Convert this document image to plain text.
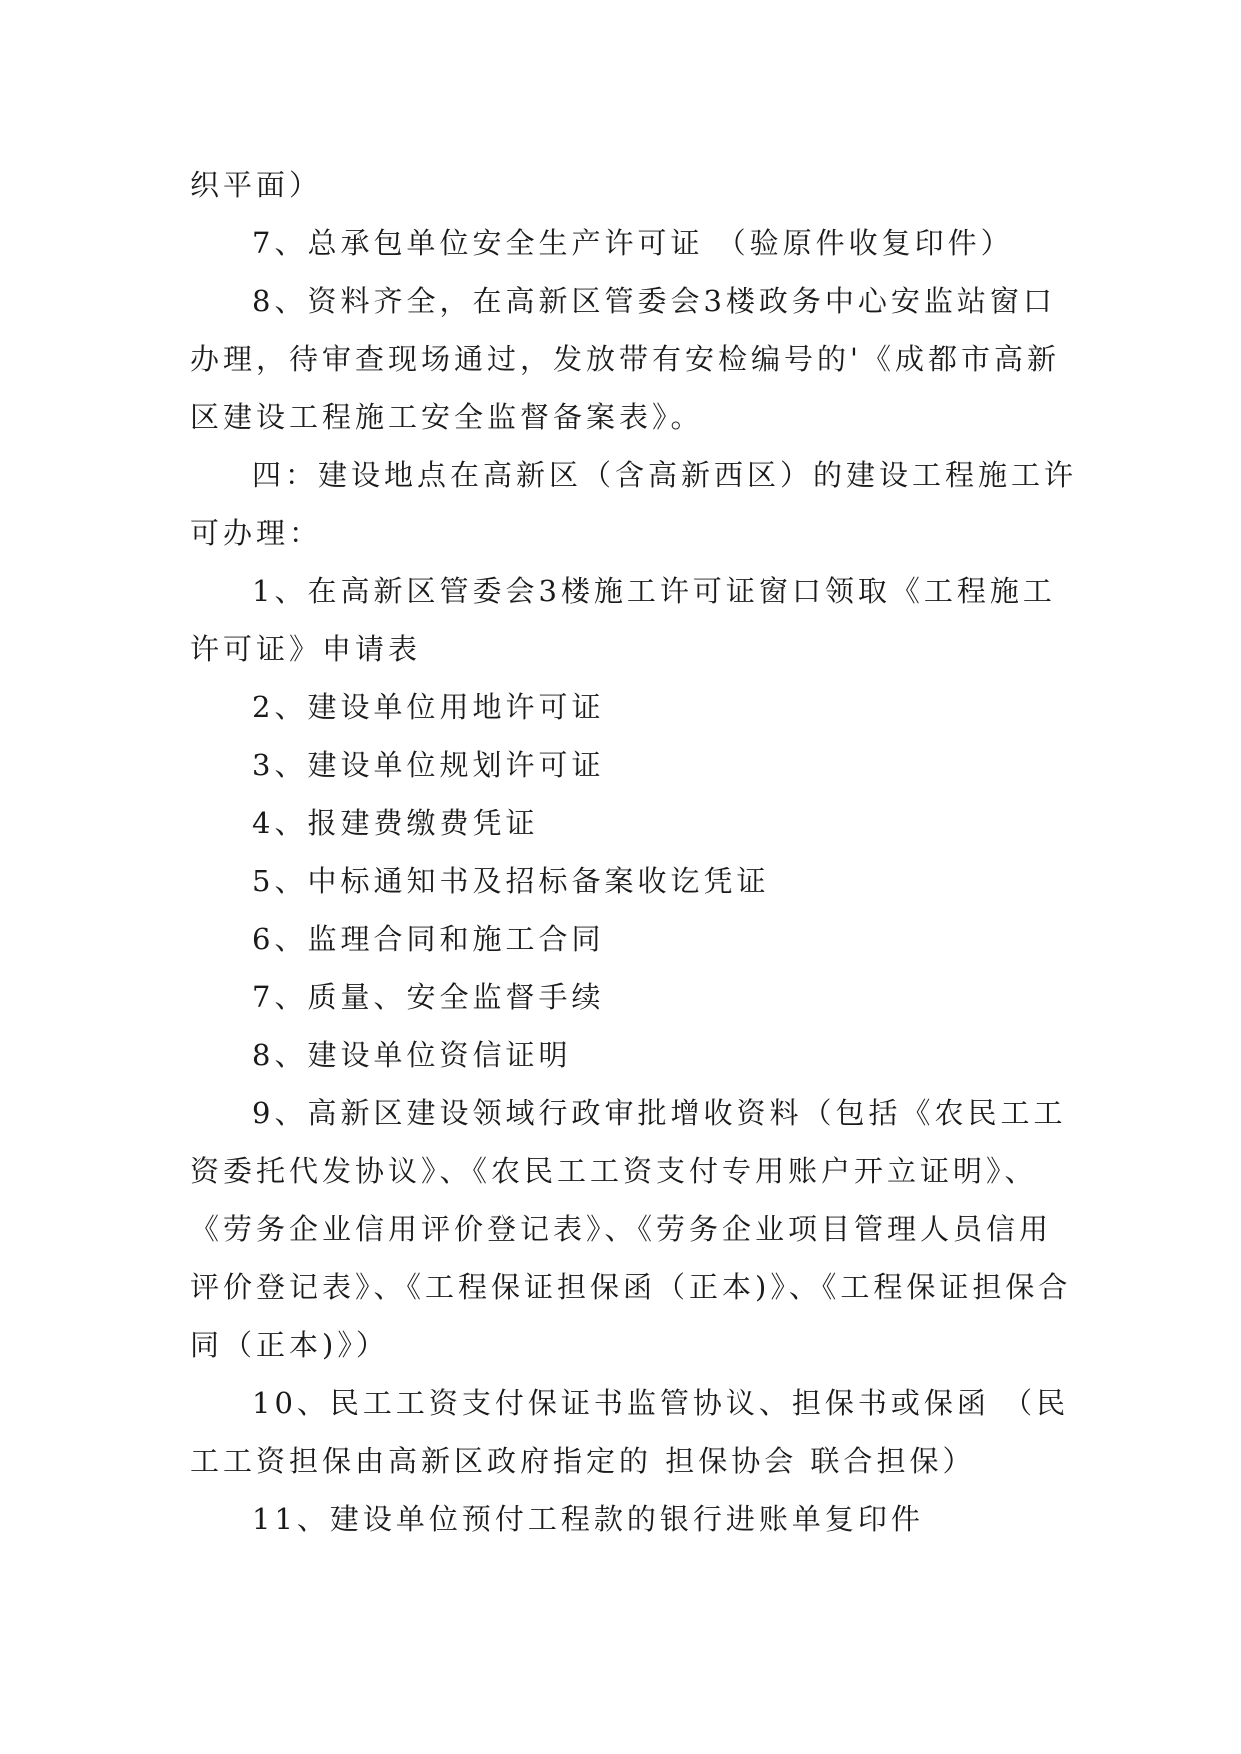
织平面）

7、总承包单位安全生产许可证 （验原件收复印件）

8、资料齐全，在高新区管委会3楼政务中心安监站窗口办理，待审查现场通过，发放带有安检编号的'《成都市高新区建设工程施工安全监督备案表》。

四：建设地点在高新区（含高新西区）的建设工程施工许可办理：

1、在高新区管委会3楼施工许可证窗口领取《工程施工许可证》申请表

2、建设单位用地许可证

3、建设单位规划许可证

4、报建费缴费凭证

5、中标通知书及招标备案收讫凭证

6、监理合同和施工合同

7、质量、安全监督手续

8、建设单位资信证明

9、高新区建设领域行政审批增收资料（包括《农民工工资委托代发协议》、《农民工工资支付专用账户开立证明》、《劳务企业信用评价登记表》、《劳务企业项目管理人员信用评价登记表》、《工程保证担保函（正本)》、《工程保证担保合同（正本)》）

10、民工工资支付保证书监管协议、担保书或保函 （民工工资担保由高新区政府指定的 担保协会 联合担保）

11、建设单位预付工程款的银行进账单复印件
